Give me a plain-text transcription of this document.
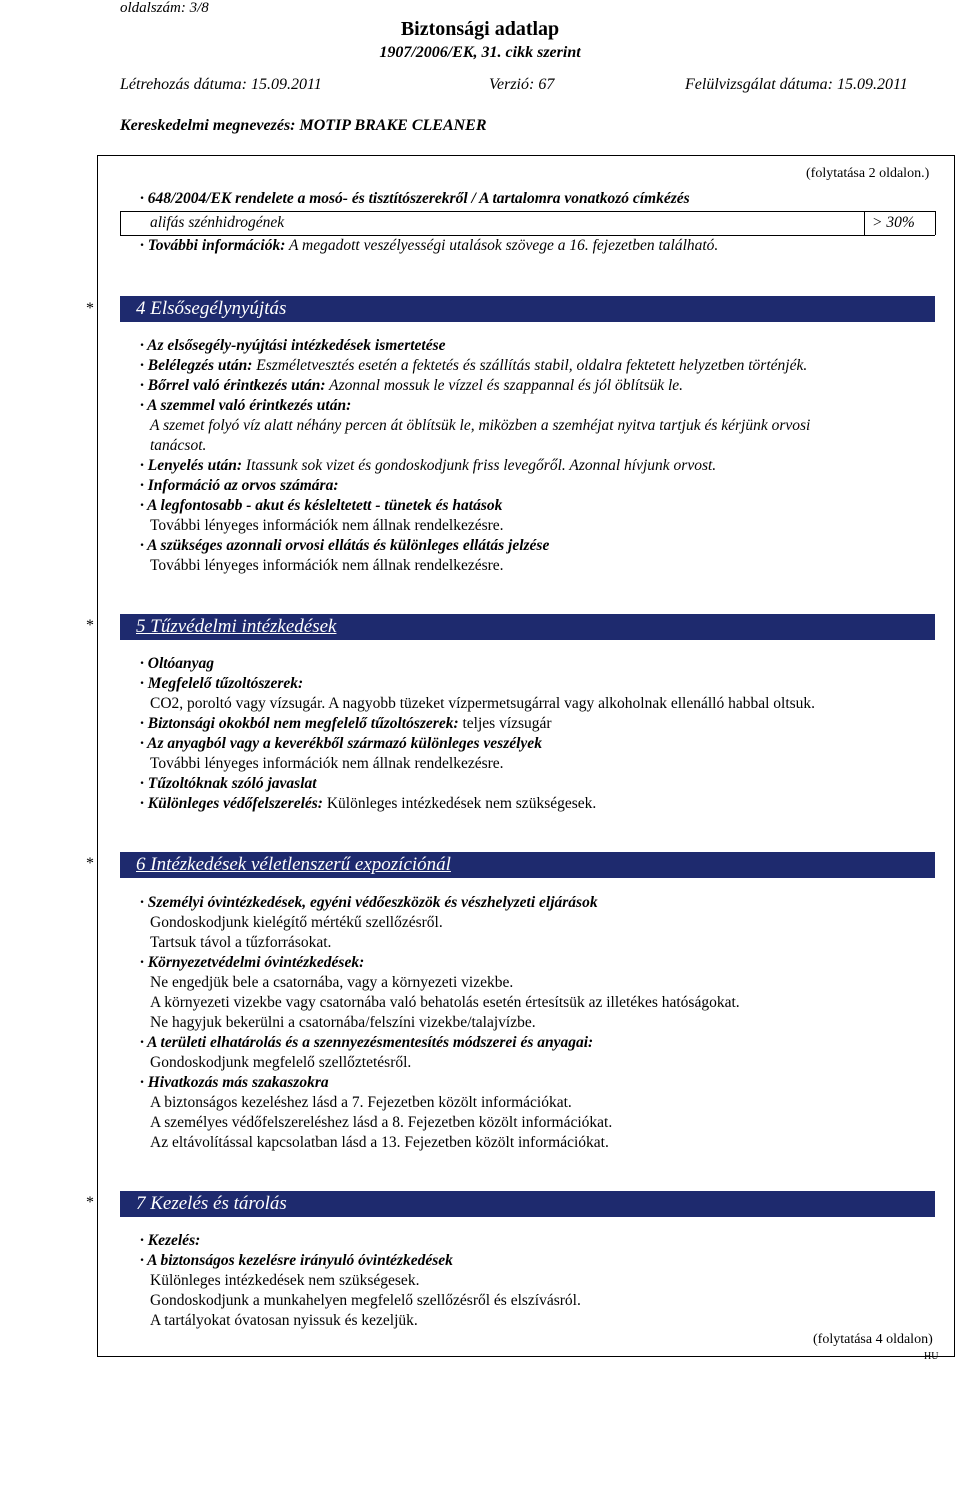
oldalszám: 3/8
Biztonsági adatlap
1907/2006/EK, 31. cikk szerint
Létrehozás dátuma: 15.09.2011	Verzió: 67	Felülvizsgálat dátuma: 15.09.2011
Kereskedelmi megnevezés: MOTIP BRAKE CLEANER
(folytatása 2 oldalon.)
· 648/2004/EK rendelete a mosó- és tisztítószerekről / A tartalomra vonatkozó címkézés
alifás szénhidrogének	> 30%
· További információk: A megadott veszélyességi utalások szövege a 16. fejezetben található.
* 4 Elsősegélynyújtás
· Az elsősegély-nyújtási intézkedések ismertetése
· Belélegzés után: Eszméletvesztés esetén a fektetés és szállítás stabil, oldalra fektetett helyzetben történjék.
· Bőrrel való érintkezés után: Azonnal mossuk le vízzel és szappannal és jól öblítsük le.
· A szemmel való érintkezés után:
A szemet folyó víz alatt néhány percen át öblítsük le, miközben a szemhéjat nyitva tartjuk és kérjünk orvosi
tanácsot.
· Lenyelés után: Itassunk sok vizet és gondoskodjunk friss levegőről. Azonnal hívjunk orvost.
· Információ az orvos számára:
· A legfontosabb - akut és késleltetett - tünetek és hatások
További lényeges információk nem állnak rendelkezésre.
· A szükséges azonnali orvosi ellátás és különleges ellátás jelzése
További lényeges információk nem állnak rendelkezésre.
* 5 Tűzvédelmi intézkedések
· Oltóanyag
· Megfelelő tűzoltószerek:
CO2, poroltó vagy vízsugár. A nagyobb tüzeket vízpermetsugárral vagy alkoholnak ellenálló habbal oltsuk.
· Biztonsági okokból nem megfelelő tűzoltószerek: teljes vízsugár
· Az anyagból vagy a keverékből származó különleges veszélyek
További lényeges információk nem állnak rendelkezésre.
· Tűzoltóknak szóló javaslat
· Különleges védőfelszerelés: Különleges intézkedések nem szükségesek.
* 6 Intézkedések véletlenszerű expozíciónál
· Személyi óvintézkedések, egyéni védőeszközök és vészhelyzeti eljárások
Gondoskodjunk kielégítő mértékű szellőzésről.
Tartsuk távol a tűzforrásokat.
· Környezetvédelmi óvintézkedések:
Ne engedjük bele a csatornába, vagy a környezeti vizekbe.
A környezeti vizekbe vagy csatornába való behatolás esetén értesítsük az illetékes hatóságokat.
Ne hagyjuk bekerülni a csatornába/felszíni vizekbe/talajvízbe.
· A területi elhatárolás és a szennyezésmentesítés módszerei és anyagai:
Gondoskodjunk megfelelő szellőztetésről.
· Hivatkozás más szakaszokra
A biztonságos kezeléshez lásd a 7. Fejezetben közölt információkat.
A személyes védőfelszereléshez lásd a 8. Fejezetben közölt információkat.
Az eltávolítással kapcsolatban lásd a 13. Fejezetben közölt információkat.
* 7 Kezelés és tárolás
· Kezelés:
· A biztonságos kezelésre irányuló óvintézkedések
Különleges intézkedések nem szükségesek.
Gondoskodjunk a munkahelyen megfelelő szellőzésről és elszívásról.
A tartályokat óvatosan nyissuk és kezeljük.
(folytatása 4 oldalon)
HU
